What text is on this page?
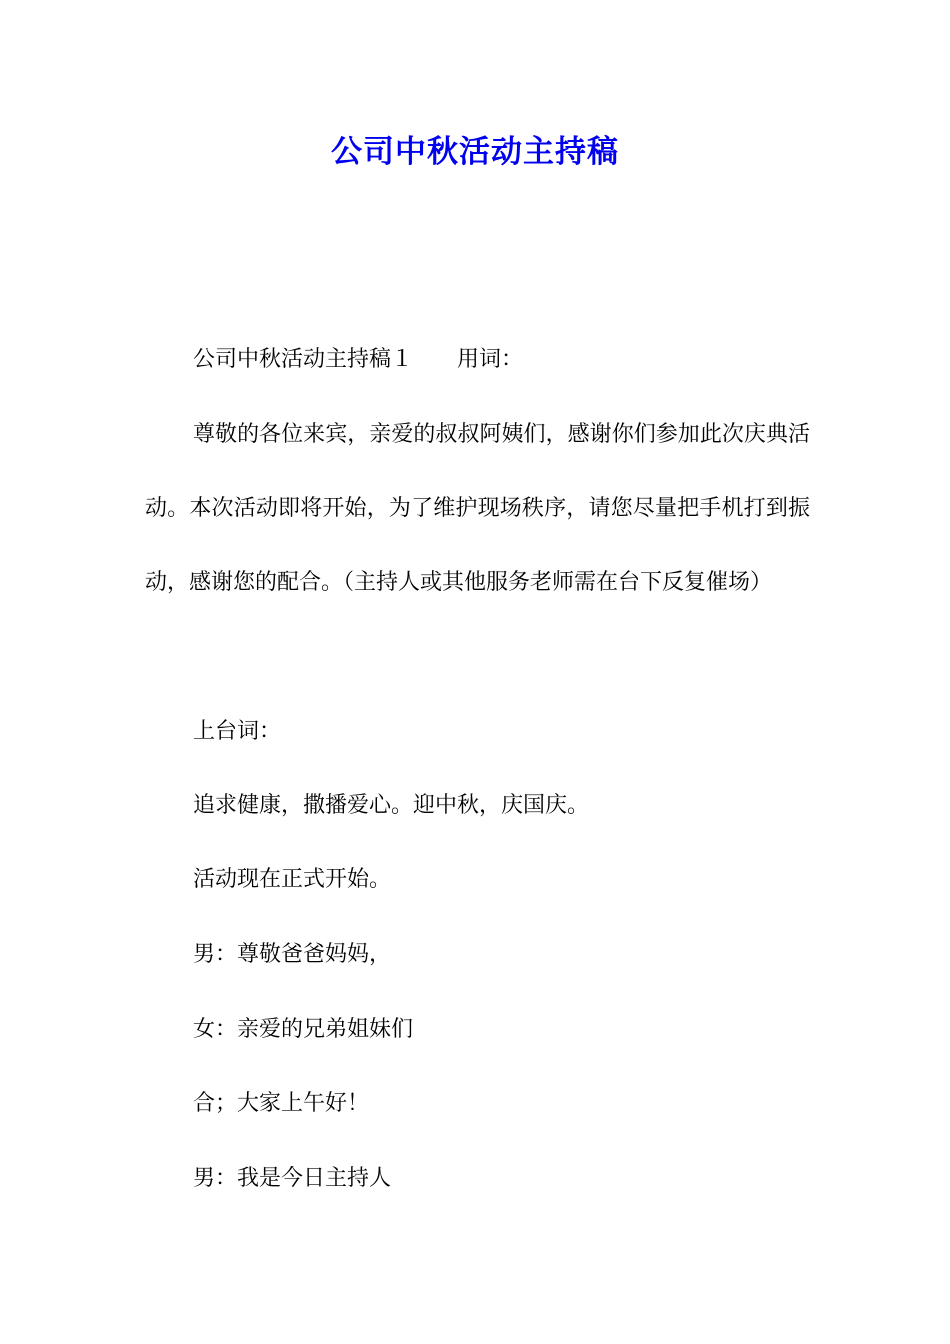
公司中秋活动主持稿

公司中秋活动主持稿１ 用词：

尊敬的各位来宾，亲爱的叔叔阿姨们，感谢你们参加此次庆典活动。本次活动即将开始，为了维护现场秩序，请您尽量把手机打到振动，感谢您的配合。（主持人或其他服务老师需在台下反复催场）

上台词：

追求健康，撒播爱心。迎中秋，庆国庆。

活动现在正式开始。

男：尊敬爸爸妈妈，

女：亲爱的兄弟姐妹们

合；大家上午好！

男：我是今日主持人
